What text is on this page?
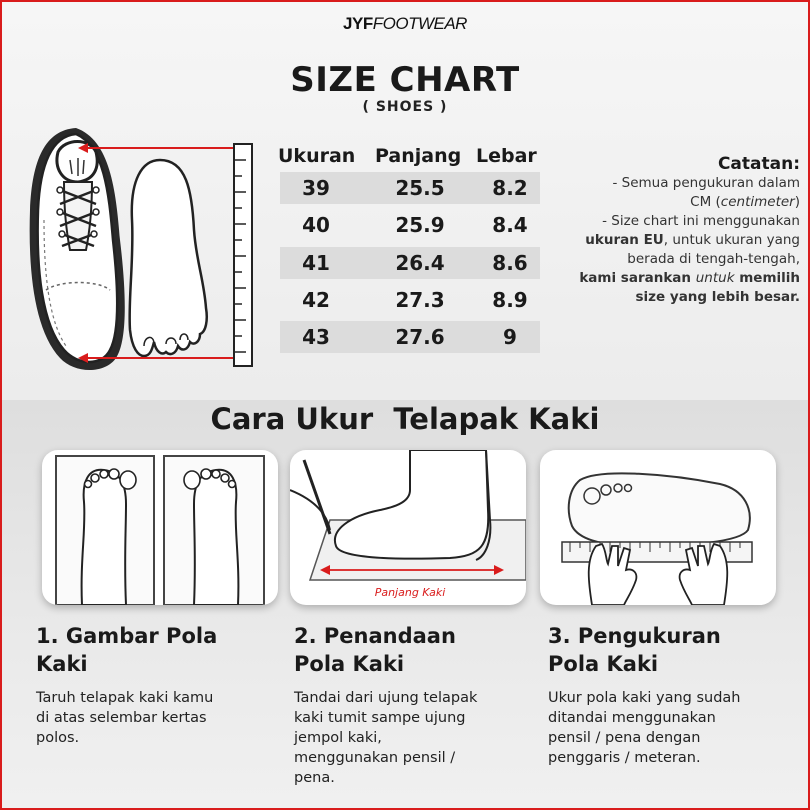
JYFFOOTWEAR
SIZE CHART
( SHOES )
Ukuran Panjang Lebar
39	25.5	8.2
40	25.9	8.4
41	26.4	8.6
42	27.3	8.9
43	27.6	9
Catatan:
- Semua pengukuran dalam
CM (centimeter)
- Size chart ini menggunakan
ukuran EU, untuk ukuran yang
berada di tengah-tengah,
kami sarankan untuk memilih
size yang lebih besar.
Cara Ukur  Telapak Kaki
Panjang Kaki
1. Gambar Pola
Kaki
Taruh telapak kaki kamu
di atas selembar kertas
polos.
2. Penandaan
Pola Kaki
Tandai dari ujung telapak
kaki tumit sampe ujung
jempol kaki,
menggunakan pensil /
pena.
3. Pengukuran
Pola Kaki
Ukur pola kaki yang sudah
ditandai menggunakan
pensil / pena dengan
penggaris / meteran.
